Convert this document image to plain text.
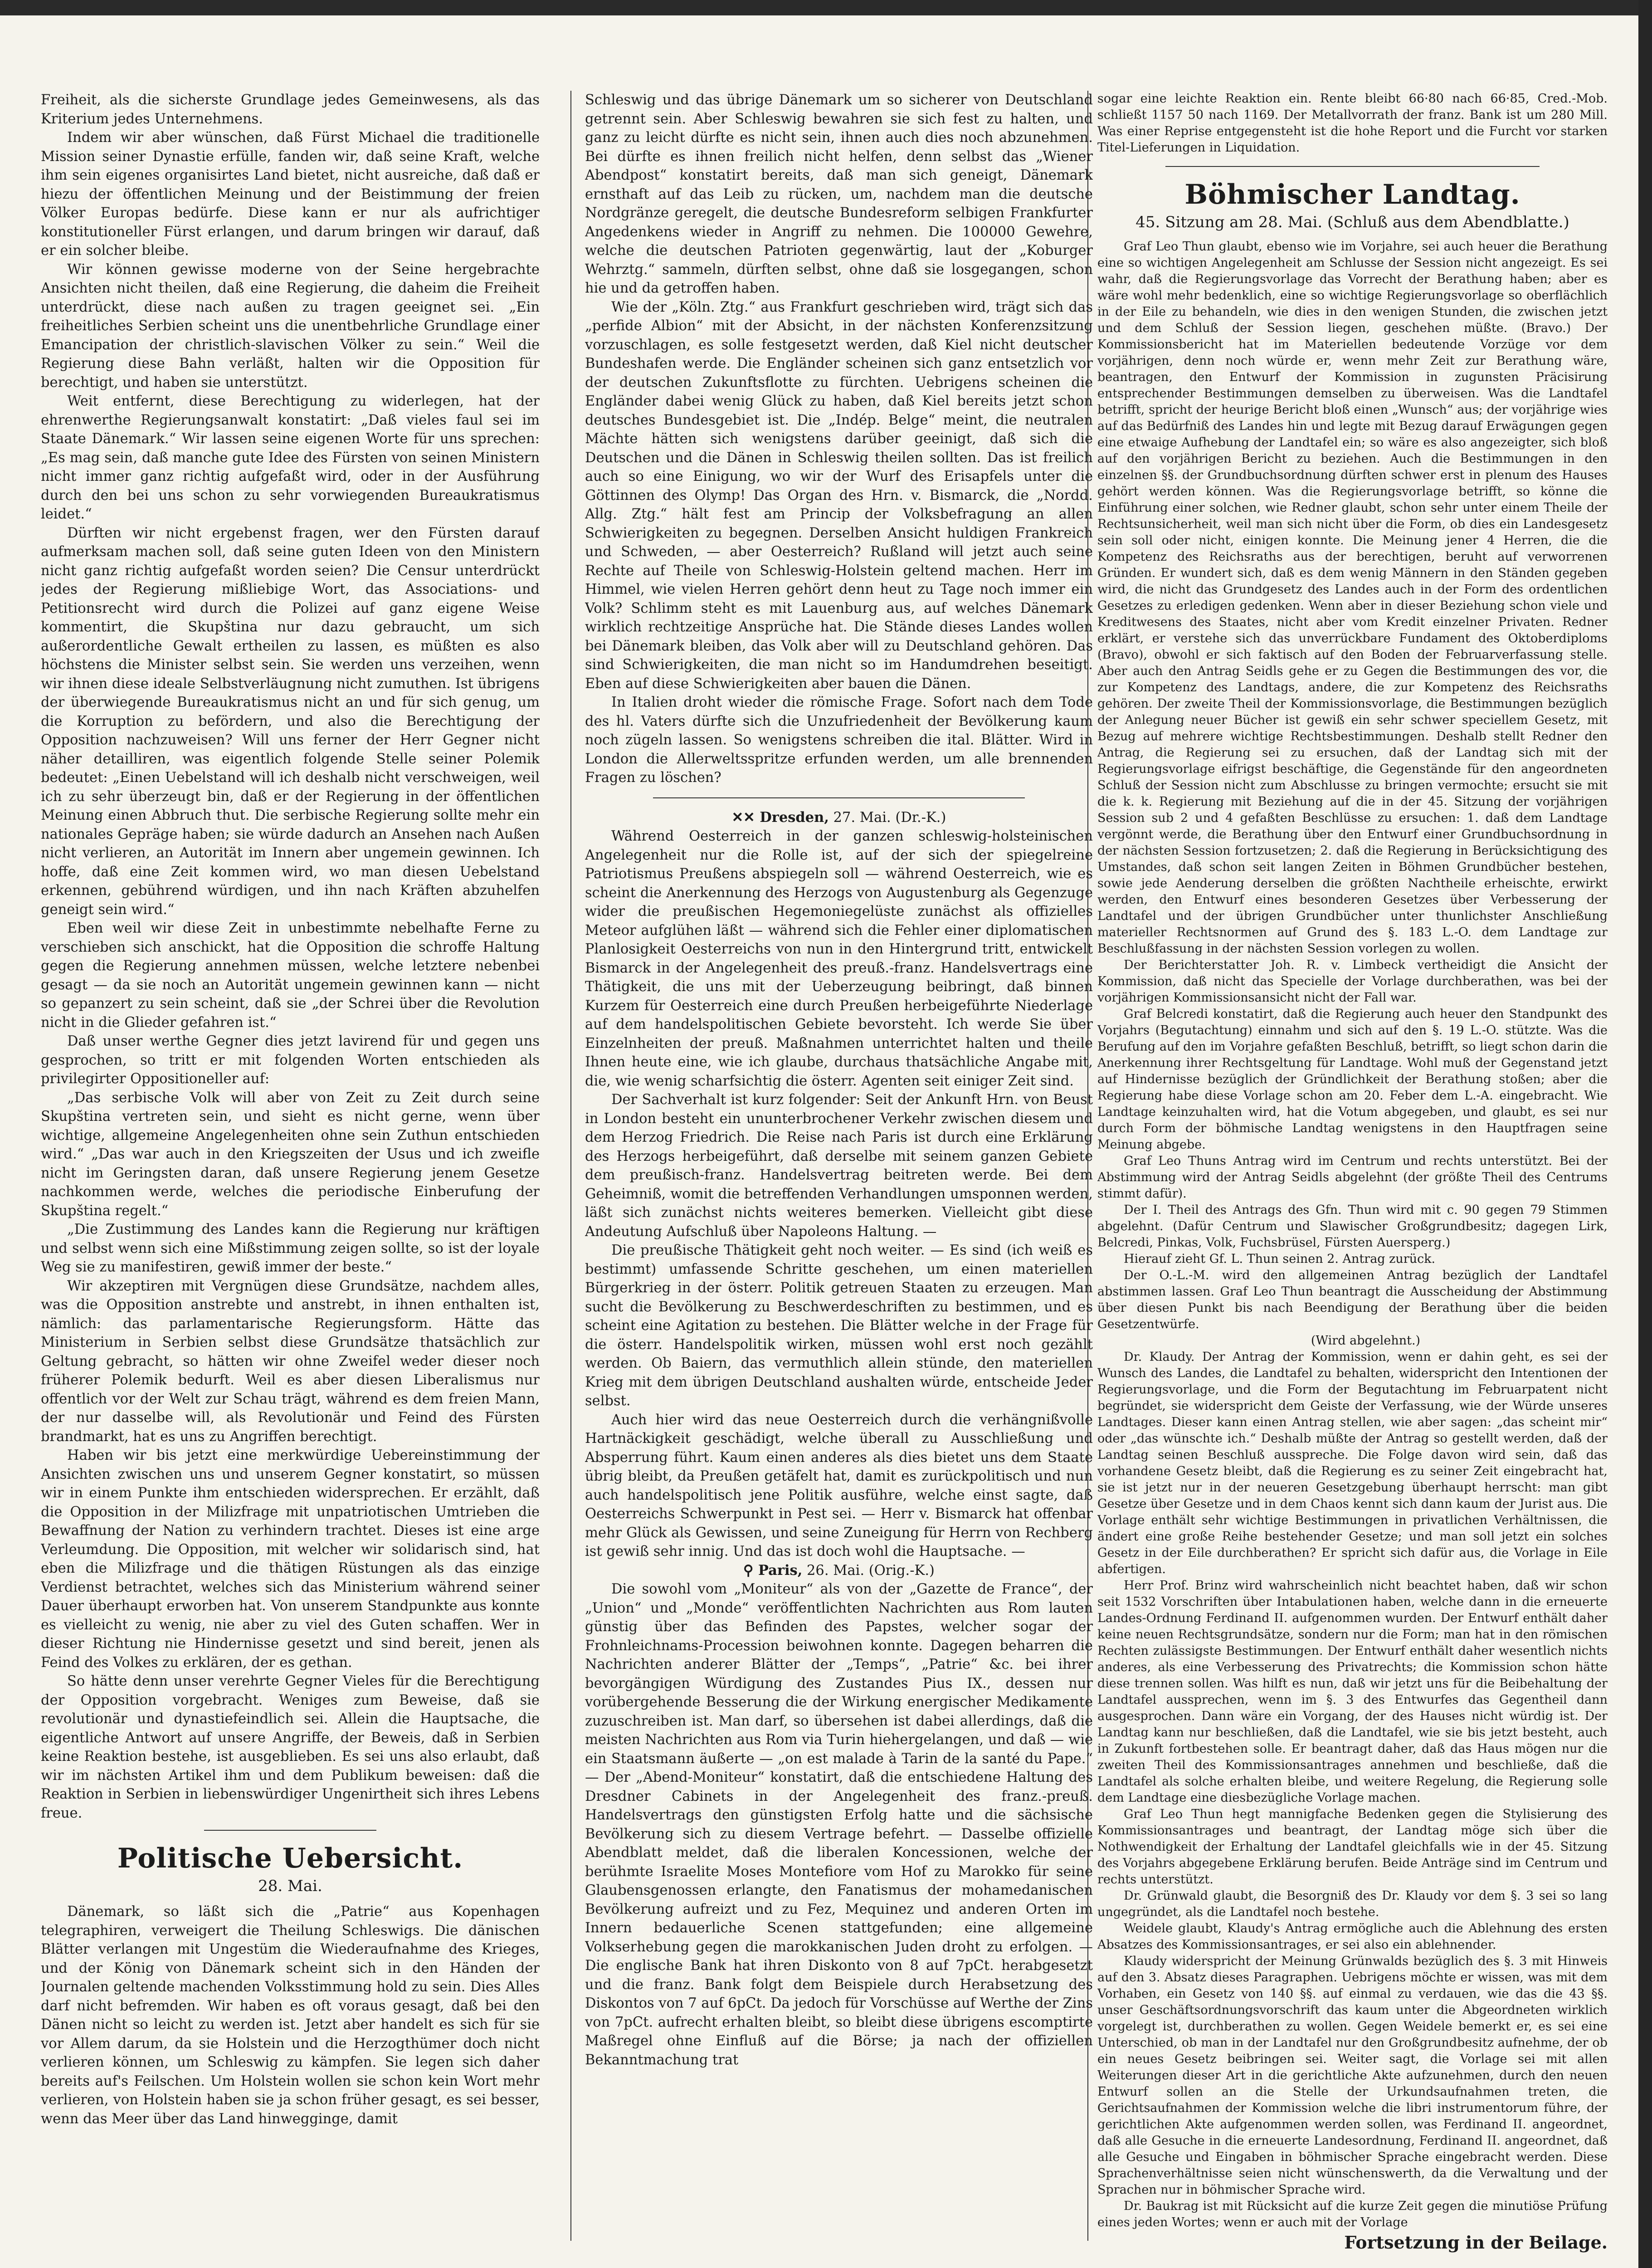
Freiheit, als die sicherste Grundlage jedes Gemeinwesens, als das Kriterium jedes Unternehmens.

Indem wir aber wünschen, daß Fürst Michael die traditionelle Mission seiner Dynastie erfülle, fanden wir, daß seine Kraft, welche ihm sein eigenes organisirtes Land bietet, nicht ausreiche, daß daß er hiezu der öffentlichen Meinung und der Beistimmung der freien Völker Europas bedürfe. Diese kann er nur als aufrichtiger konstitutioneller Fürst erlangen, und darum bringen wir darauf, daß er ein solcher bleibe.

Wir können gewisse moderne von der Seine hergebrachte Ansichten nicht theilen, daß eine Regierung, die daheim die Freiheit unterdrückt, diese nach außen zu tragen geeignet sei. „Ein freiheitliches Serbien scheint uns die unentbehrliche Grundlage einer Emancipation der christlich-slavischen Völker zu sein.“ Weil die Regierung diese Bahn verläßt, halten wir die Opposition für berechtigt, und haben sie unterstützt.

Weit entfernt, diese Berechtigung zu widerlegen, hat der ehrenwerthe Regierungsanwalt konstatirt: „Daß vieles faul sei im Staate Dänemark.“ Wir lassen seine eigenen Worte für uns sprechen: „Es mag sein, daß manche gute Idee des Fürsten von seinen Ministern nicht immer ganz richtig aufgefaßt wird, oder in der Ausführung durch den bei uns schon zu sehr vorwiegenden Bureaukratismus leidet.“

Dürften wir nicht ergebenst fragen, wer den Fürsten darauf aufmerksam machen soll, daß seine guten Ideen von den Ministern nicht ganz richtig aufgefaßt worden seien? Die Censur unterdrückt jedes der Regierung mißliebige Wort, das Associations- und Petitionsrecht wird durch die Polizei auf ganz eigene Weise kommentirt, die Skupština nur dazu gebraucht, um sich außerordentliche Gewalt ertheilen zu lassen, es müßten es also höchstens die Minister selbst sein. Sie werden uns verzeihen, wenn wir ihnen diese ideale Selbstverläugnung nicht zumuthen. Ist übrigens der überwiegende Bureaukratismus nicht an und für sich genug, um die Korruption zu befördern, und also die Berechtigung der Opposition nachzuweisen? Will uns ferner der Herr Gegner nicht näher detailliren, was eigentlich folgende Stelle seiner Polemik bedeutet: „Einen Uebelstand will ich deshalb nicht verschweigen, weil ich zu sehr überzeugt bin, daß er der Regierung in der öffentlichen Meinung einen Abbruch thut. Die serbische Regierung sollte mehr ein nationales Gepräge haben; sie würde dadurch an Ansehen nach Außen nicht verlieren, an Autorität im Innern aber ungemein gewinnen. Ich hoffe, daß eine Zeit kommen wird, wo man diesen Uebelstand erkennen, gebührend würdigen, und ihn nach Kräften abzuhelfen geneigt sein wird.“

Eben weil wir diese Zeit in unbestimmte nebelhafte Ferne zu verschieben sich anschickt, hat die Opposition die schroffe Haltung gegen die Regierung annehmen müssen, welche letztere nebenbei gesagt — da sie noch an Autorität ungemein gewinnen kann — nicht so gepanzert zu sein scheint, daß sie „der Schrei über die Revolution nicht in die Glieder gefahren ist.“

Daß unser werthe Gegner dies jetzt lavirend für und gegen uns gesprochen, so tritt er mit folgenden Worten entschieden als privilegirter Oppositioneller auf:

„Das serbische Volk will aber von Zeit zu Zeit durch seine Skupština vertreten sein, und sieht es nicht gerne, wenn über wichtige, allgemeine Angelegenheiten ohne sein Zuthun entschieden wird.“ „Das war auch in den Kriegszeiten der Usus und ich zweifle nicht im Geringsten daran, daß unsere Regierung jenem Gesetze nachkommen werde, welches die periodische Einberufung der Skupština regelt.“

„Die Zustimmung des Landes kann die Regierung nur kräftigen und selbst wenn sich eine Mißstimmung zeigen sollte, so ist der loyale Weg sie zu manifestiren, gewiß immer der beste.“

Wir akzeptiren mit Vergnügen diese Grundsätze, nachdem alles, was die Opposition anstrebte und anstrebt, in ihnen enthalten ist, nämlich: das parlamentarische Regierungsform. Hätte das Ministerium in Serbien selbst diese Grundsätze thatsächlich zur Geltung gebracht, so hätten wir ohne Zweifel weder dieser noch früherer Polemik bedurft. Weil es aber diesen Liberalismus nur offentlich vor der Welt zur Schau trägt, während es dem freien Mann, der nur dasselbe will, als Revolutionär und Feind des Fürsten brandmarkt, hat es uns zu Angriffen berechtigt.

Haben wir bis jetzt eine merkwürdige Uebereinstimmung der Ansichten zwischen uns und unserem Gegner konstatirt, so müssen wir in einem Punkte ihm entschieden widersprechen. Er erzählt, daß die Opposition in der Milizfrage mit unpatriotischen Umtrieben die Bewaffnung der Nation zu verhindern trachtet. Dieses ist eine arge Verleumdung. Die Opposition, mit welcher wir solidarisch sind, hat eben die Milizfrage und die thätigen Rüstungen als das einzige Verdienst betrachtet, welches sich das Ministerium während seiner Dauer überhaupt erworben hat. Von unserem Standpunkte aus konnte es vielleicht zu wenig, nie aber zu viel des Guten schaffen. Wer in dieser Richtung nie Hindernisse gesetzt und sind bereit, jenen als Feind des Volkes zu erklären, der es gethan.

So hätte denn unser verehrte Gegner Vieles für die Berechtigung der Opposition vorgebracht. Weniges zum Beweise, daß sie revolutionär und dynastiefeindlich sei. Allein die Hauptsache, die eigentliche Antwort auf unsere Angriffe, der Beweis, daß in Serbien keine Reaktion bestehe, ist ausgeblieben. Es sei uns also erlaubt, daß wir im nächsten Artikel ihm und dem Publikum beweisen: daß die Reaktion in Serbien in liebenswürdiger Ungenirtheit sich ihres Lebens freue.

Politische Uebersicht.
28. Mai.

Dänemark, so läßt sich die „Patrie“ aus Kopenhagen telegraphiren, verweigert die Theilung Schleswigs. Die dänischen Blätter verlangen mit Ungestüm die Wiederaufnahme des Krieges, und der König von Dänemark scheint sich in den Händen der Journalen geltende machenden Volksstimmung hold zu sein. Dies Alles darf nicht befremden. Wir haben es oft voraus gesagt, daß bei den Dänen nicht so leicht zu werden ist. Jetzt aber handelt es sich für sie vor Allem darum, da sie Holstein und die Herzogthümer doch nicht verlieren können, um Schleswig zu kämpfen. Sie legen sich daher bereits auf's Feilschen. Um Holstein wollen sie schon kein Wort mehr verlieren, von Holstein haben sie ja schon früher gesagt, es sei besser, wenn das Meer über das Land hinwegginge, damit

Schleswig und das übrige Dänemark um so sicherer von Deutschland getrennt sein. Aber Schleswig bewahren sie sich fest zu halten, und ganz zu leicht dürfte es nicht sein, ihnen auch dies noch abzunehmen. Bei dürfte es ihnen freilich nicht helfen, denn selbst das „Wiener Abendpost“ konstatirt bereits, daß man sich geneigt, Dänemark ernsthaft auf das Leib zu rücken, um, nachdem man die deutsche Nordgränze geregelt, die deutsche Bundesreform selbigen Frankfurter Angedenkens wieder in Angriff zu nehmen. Die 100000 Gewehre, welche die deutschen Patrioten gegenwärtig, laut der „Koburger Wehrztg.“ sammeln, dürften selbst, ohne daß sie losgegangen, schon hie und da getroffen haben.

Wie der „Köln. Ztg.“ aus Frankfurt geschrieben wird, trägt sich das „perfide Albion“ mit der Absicht, in der nächsten Konferenzsitzung vorzuschlagen, es solle festgesetzt werden, daß Kiel nicht deutscher Bundeshafen werde. Die Engländer scheinen sich ganz entsetzlich vor der deutschen Zukunftsflotte zu fürchten. Uebrigens scheinen die Engländer dabei wenig Glück zu haben, daß Kiel bereits jetzt schon deutsches Bundesgebiet ist. Die „Indép. Belge“ meint, die neutralen Mächte hätten sich wenigstens darüber geeinigt, daß sich die Deutschen und die Dänen in Schleswig theilen sollten. Das ist freilich auch so eine Einigung, wo wir der Wurf des Erisapfels unter die Göttinnen des Olymp! Das Organ des Hrn. v. Bismarck, die „Nordd. Allg. Ztg.“ hält fest am Princip der Volksbefragung an allen Schwierigkeiten zu begegnen. Derselben Ansicht huldigen Frankreich und Schweden, — aber Oesterreich? Rußland will jetzt auch seine Rechte auf Theile von Schleswig-Holstein geltend machen. Herr im Himmel, wie vielen Herren gehört denn heut zu Tage noch immer ein Volk? Schlimm steht es mit Lauenburg aus, auf welches Dänemark wirklich rechtzeitige Ansprüche hat. Die Stände dieses Landes wollen bei Dänemark bleiben, das Volk aber will zu Deutschland gehören. Das sind Schwierigkeiten, die man nicht so im Handumdrehen beseitigt. Eben auf diese Schwierigkeiten aber bauen die Dänen.

In Italien droht wieder die römische Frage. Sofort nach dem Tode des hl. Vaters dürfte sich die Unzufriedenheit der Bevölkerung kaum noch zügeln lassen. So wenigstens schreiben die ital. Blätter. Wird in London die Allerweltsspritze erfunden werden, um alle brennenden Fragen zu löschen?

✕✕ Dresden, 27. Mai. (Dr.-K.)

Während Oesterreich in der ganzen schleswig-holsteinischen Angelegenheit nur die Rolle ist, auf der sich der spiegelreine Patriotismus Preußens abspiegeln soll — während Oesterreich, wie es scheint die Anerkennung des Herzogs von Augustenburg als Gegenzuge wider die preußischen Hegemoniegelüste zunächst als offizielles Meteor aufglühen läßt — während sich die Fehler einer diplomatischen Planlosigkeit Oesterreichs von nun in den Hintergrund tritt, entwickelt Bismarck in der Angelegenheit des preuß.-franz. Handelsvertrags eine Thätigkeit, die uns mit der Ueberzeugung beibringt, daß binnen Kurzem für Oesterreich eine durch Preußen herbeigeführte Niederlage auf dem handelspolitischen Gebiete bevorsteht. Ich werde Sie über Einzelnheiten der preuß. Maßnahmen unterrichtet halten und theile Ihnen heute eine, wie ich glaube, durchaus thatsächliche Angabe mit, die, wie wenig scharfsichtig die österr. Agenten seit einiger Zeit sind.

Der Sachverhalt ist kurz folgender: Seit der Ankunft Hrn. von Beust in London besteht ein ununterbrochener Verkehr zwischen diesem und dem Herzog Friedrich. Die Reise nach Paris ist durch eine Erklärung des Herzogs herbeigeführt, daß derselbe mit seinem ganzen Gebiete dem preußisch-franz. Handelsvertrag beitreten werde. Bei dem Geheimniß, womit die betreffenden Verhandlungen umsponnen werden, läßt sich zunächst nichts weiteres bemerken. Vielleicht gibt diese Andeutung Aufschluß über Napoleons Haltung. —

Die preußische Thätigkeit geht noch weiter. — Es sind (ich weiß es bestimmt) umfassende Schritte geschehen, um einen materiellen Bürgerkrieg in der österr. Politik getreuen Staaten zu erzeugen. Man sucht die Bevölkerung zu Beschwerdeschriften zu bestimmen, und es scheint eine Agitation zu bestehen. Die Blätter welche in der Frage für die österr. Handelspolitik wirken, müssen wohl erst noch gezählt werden. Ob Baiern, das vermuthlich allein stünde, den materiellen Krieg mit dem übrigen Deutschland aushalten würde, entscheide Jeder selbst.

Auch hier wird das neue Oesterreich durch die verhängnißvolle Hartnäckigkeit geschädigt, welche überall zu Ausschließung und Absperrung führt. Kaum einen anderes als dies bietet uns dem Staate übrig bleibt, da Preußen getäfelt hat, damit es zurückpolitisch und nun auch handelspolitisch jene Politik ausführe, welche einst sagte, daß Oesterreichs Schwerpunkt in Pest sei. — Herr v. Bismarck hat offenbar mehr Glück als Gewissen, und seine Zuneigung für Herrn von Rechberg ist gewiß sehr innig. Und das ist doch wohl die Hauptsache. —

⚲ Paris, 26. Mai. (Orig.-K.)

Die sowohl vom „Moniteur“ als von der „Gazette de France“, der „Union“ und „Monde“ veröffentlichten Nachrichten aus Rom lauten günstig über das Befinden des Papstes, welcher sogar der Frohnleichnams-Procession beiwohnen konnte. Dagegen beharren die Nachrichten anderer Blätter der „Temps“, „Patrie“ &c. bei ihrer bevorgängigen Würdigung des Zustandes Pius IX., dessen nur vorübergehende Besserung die der Wirkung energischer Medikamente zuzuschreiben ist. Man darf, so übersehen ist dabei allerdings, daß die meisten Nachrichten aus Rom via Turin hiehergelangen, und daß — wie ein Staatsmann äußerte — „on est malade à Tarin de la santé du Pape.“ — Der „Abend-Moniteur“ konstatirt, daß die entschiedene Haltung des Dresdner Cabinets in der Angelegenheit des franz.-preuß. Handelsvertrags den günstigsten Erfolg hatte und die sächsische Bevölkerung sich zu diesem Vertrage befehrt. — Dasselbe offizielle Abendblatt meldet, daß die liberalen Koncessionen, welche der berühmte Israelite Moses Montefiore vom Hof zu Marokko für seine Glaubensgenossen erlangte, den Fanatismus der mohamedanischen Bevölkerung aufreizt und zu Fez, Mequinez und anderen Orten im Innern bedauerliche Scenen stattgefunden; eine allgemeine Volkserhebung gegen die marokkanischen Juden droht zu erfolgen. — Die englische Bank hat ihren Diskonto von 8 auf 7pCt. herabgesetzt und die franz. Bank folgt dem Beispiele durch Herabsetzung des Diskontos von 7 auf 6pCt. Da jedoch für Vorschüsse auf Werthe der Zins von 7pCt. aufrecht erhalten bleibt, so bleibt diese übrigens escomptirte Maßregel ohne Einfluß auf die Börse; ja nach der offiziellen Bekanntmachung trat

sogar eine leichte Reaktion ein. Rente bleibt 66·80 nach 66·85, Cred.-Mob. schließt 1157 50 nach 1169. Der Metallvorrath der franz. Bank ist um 280 Mill. Was einer Reprise entgegensteht ist die hohe Report und die Furcht vor starken Titel-Lieferungen in Liquidation.

Böhmischer Landtag.
45. Sitzung am 28. Mai. (Schluß aus dem Abendblatte.)

Graf Leo Thun glaubt, ebenso wie im Vorjahre, sei auch heuer die Berathung eine so wichtigen Angelegenheit am Schlusse der Session nicht angezeigt. Es sei wahr, daß die Regierungsvorlage das Vorrecht der Berathung haben; aber es wäre wohl mehr bedenklich, eine so wichtige Regierungsvorlage so oberflächlich in der Eile zu behandeln, wie dies in den wenigen Stunden, die zwischen jetzt und dem Schluß der Session liegen, geschehen müßte. (Bravo.) Der Kommissionsbericht hat im Materiellen bedeutende Vorzüge vor dem vorjährigen, denn noch würde er, wenn mehr Zeit zur Berathung wäre, beantragen, den Entwurf der Kommission in zugunsten Präcisirung entsprechender Bestimmungen demselben zu überweisen. Was die Landtafel betrifft, spricht der heurige Bericht bloß einen „Wunsch“ aus; der vorjährige wies auf das Bedürfniß des Landes hin und legte mit Bezug darauf Erwägungen gegen eine etwaige Aufhebung der Landtafel ein; so wäre es also angezeigter, sich bloß auf den vorjährigen Bericht zu beziehen. Auch die Bestimmungen in den einzelnen §§. der Grundbuchsordnung dürften schwer erst in plenum des Hauses gehört werden können. Was die Regierungsvorlage betrifft, so könne die Einführung einer solchen, wie Redner glaubt, schon sehr unter einem Theile der Rechtsunsicherheit, weil man sich nicht über die Form, ob dies ein Landesgesetz sein soll oder nicht, einigen konnte. Die Meinung jener 4 Herren, die die Kompetenz des Reichsraths aus der berechtigen, beruht auf verworrenen Gründen. Er wundert sich, daß es dem wenig Männern in den Ständen gegeben wird, die nicht das Grundgesetz des Landes auch in der Form des ordentlichen Gesetzes zu erledigen gedenken. Wenn aber in dieser Beziehung schon viele und Kreditwesens des Staates, nicht aber vom Kredit einzelner Privaten. Redner erklärt, er verstehe sich das unverrückbare Fundament des Oktoberdiploms (Bravo), obwohl er sich faktisch auf den Boden der Februarverfassung stelle. Aber auch den Antrag Seidls gehe er zu Gegen die Bestimmungen des vor, die zur Kompetenz des Landtags, andere, die zur Kompetenz des Reichsraths gehören. Der zweite Theil der Kommissionsvorlage, die Bestimmungen bezüglich der Anlegung neuer Bücher ist gewiß ein sehr schwer speciellem Gesetz, mit Bezug auf mehrere wichtige Rechtsbestimmungen. Deshalb stellt Redner den Antrag, die Regierung sei zu ersuchen, daß der Landtag sich mit der Regierungsvorlage eifrigst beschäftige, die Gegenstände für den angeordneten Schluß der Session nicht zum Abschlusse zu bringen vermochte; ersucht sie mit die k. k. Regierung mit Beziehung auf die in der 45. Sitzung der vorjährigen Session sub 2 und 4 gefaßten Beschlüsse zu ersuchen: 1. daß dem Landtage vergönnt werde, die Berathung über den Entwurf einer Grundbuchsordnung in der nächsten Session fortzusetzen; 2. daß die Regierung in Berücksichtigung des Umstandes, daß schon seit langen Zeiten in Böhmen Grundbücher bestehen, sowie jede Aenderung derselben die größten Nachtheile erheischte, erwirkt werden, den Entwurf eines besonderen Gesetzes über Verbesserung der Landtafel und der übrigen Grundbücher unter thunlichster Anschließung materieller Rechtsnormen auf Grund des §. 183 L.-O. dem Landtage zur Beschlußfassung in der nächsten Session vorlegen zu wollen.

Der Berichterstatter Joh. R. v. Limbeck vertheidigt die Ansicht der Kommission, daß nicht das Specielle der Vorlage durchberathen, was bei der vorjährigen Kommissionsansicht nicht der Fall war.

Graf Belcredi konstatirt, daß die Regierung auch heuer den Standpunkt des Vorjahrs (Begutachtung) einnahm und sich auf den §. 19 L.-O. stützte. Was die Berufung auf den im Vorjahre gefaßten Beschluß, betrifft, so liegt schon darin die Anerkennung ihrer Rechtsgeltung für Landtage. Wohl muß der Gegenstand jetzt auf Hindernisse bezüglich der Gründlichkeit der Berathung stoßen; aber die Regierung habe diese Vorlage schon am 20. Feber dem L.-A. eingebracht. Wie Landtage keinzuhalten wird, hat die Votum abgegeben, und glaubt, es sei nur durch Form der böhmische Landtag wenigstens in den Hauptfragen seine Meinung abgebe.

Graf Leo Thuns Antrag wird im Centrum und rechts unterstützt. Bei der Abstimmung wird der Antrag Seidls abgelehnt (der größte Theil des Centrums stimmt dafür).

Der I. Theil des Antrags des Gfn. Thun wird mit c. 90 gegen 79 Stimmen abgelehnt. (Dafür Centrum und Slawischer Großgrundbesitz; dagegen Lirk, Belcredi, Pinkas, Volk, Fuchsbrüsel, Fürsten Auersperg.)

Hierauf zieht Gf. L. Thun seinen 2. Antrag zurück.

Der O.-L.-M. wird den allgemeinen Antrag bezüglich der Landtafel abstimmen lassen. Graf Leo Thun beantragt die Ausscheidung der Abstimmung über diesen Punkt bis nach Beendigung der Berathung über die beiden Gesetzentwürfe.

(Wird abgelehnt.)

Dr. Klaudy. Der Antrag der Kommission, wenn er dahin geht, es sei der Wunsch des Landes, die Landtafel zu behalten, widerspricht den Intentionen der Regierungsvorlage, und die Form der Begutachtung im Februarpatent nicht begründet, sie widerspricht dem Geiste der Verfassung, wie der Würde unseres Landtages. Dieser kann einen Antrag stellen, wie aber sagen: „das scheint mir“ oder „das wünschte ich.“ Deshalb müßte der Antrag so gestellt werden, daß der Landtag seinen Beschluß ausspreche. Die Folge davon wird sein, daß das vorhandene Gesetz bleibt, daß die Regierung es zu seiner Zeit eingebracht hat, sie ist jetzt nur in der neueren Gesetzgebung überhaupt herrscht: man gibt Gesetze über Gesetze und in dem Chaos kennt sich dann kaum der Jurist aus. Die Vorlage enthält sehr wichtige Bestimmungen in privatlichen Verhältnissen, die ändert eine große Reihe bestehender Gesetze; und man soll jetzt ein solches Gesetz in der Eile durchberathen? Er spricht sich dafür aus, die Vorlage in Eile abfertigen.

Herr Prof. Brinz wird wahrscheinlich nicht beachtet haben, daß wir schon seit 1532 Vorschriften über Intabulationen haben, welche dann in die erneuerte Landes-Ordnung Ferdinand II. aufgenommen wurden. Der Entwurf enthält daher keine neuen Rechtsgrundsätze, sondern nur die Form; man hat in den römischen Rechten zulässigste Bestimmungen. Der Entwurf enthält daher wesentlich nichts anderes, als eine Verbesserung des Privatrechts; die Kommission schon hätte diese trennen sollen. Was hilft es nun, daß wir jetzt uns für die Beibehaltung der Landtafel aussprechen, wenn im §. 3 des Entwurfes das Gegentheil dann ausgesprochen. Dann wäre ein Vorgang, der des Hauses nicht würdig ist. Der Landtag kann nur beschließen, daß die Landtafel, wie sie bis jetzt besteht, auch in Zukunft fortbestehen solle. Er beantragt daher, daß das Haus mögen nur die zweiten Theil des Kommissionsantrages annehmen und beschließe, daß die Landtafel als solche erhalten bleibe, und weitere Regelung, die Regierung solle dem Landtage eine diesbezügliche Vorlage machen.

Graf Leo Thun hegt mannigfache Bedenken gegen die Stylisierung des Kommissionsantrages und beantragt, der Landtag möge sich über die Nothwendigkeit der Erhaltung der Landtafel gleichfalls wie in der 45. Sitzung des Vorjahrs abgegebene Erklärung berufen. Beide Anträge sind im Centrum und rechts unterstützt.

Dr. Grünwald glaubt, die Besorgniß des Dr. Klaudy vor dem §. 3 sei so lang ungegründet, als die Landtafel noch bestehe.

Weidele glaubt, Klaudy's Antrag ermögliche auch die Ablehnung des ersten Absatzes des Kommissionsantrages, er sei also ein ablehnender.

Klaudy widerspricht der Meinung Grünwalds bezüglich des §. 3 mit Hinweis auf den 3. Absatz dieses Paragraphen. Uebrigens möchte er wissen, was mit dem Vorhaben, ein Gesetz von 140 §§. auf einmal zu verdauen, wie das die 43 §§. unser Geschäftsordnungsvorschrift das kaum unter die Abgeordneten wirklich vorgelegt ist, durchberathen zu wollen. Gegen Weidele bemerkt er, es sei eine Unterschied, ob man in der Landtafel nur den Großgrundbesitz aufnehme, der ob ein neues Gesetz beibringen sei. Weiter sagt, die Vorlage sei mit allen Weiterungen dieser Art in die gerichtliche Akte aufzunehmen, durch den neuen Entwurf sollen an die Stelle der Urkundsaufnahmen treten, die Gerichtsaufnahmen der Kommission welche die libri instrumentorum führe, der gerichtlichen Akte aufgenommen werden sollen, was Ferdinand II. angeordnet, daß alle Gesuche in die erneuerte Landesordnung, Ferdinand II. angeordnet, daß alle Gesuche und Eingaben in böhmischer Sprache eingebracht werden. Diese Sprachenverhältnisse seien nicht wünschenswerth, da die Verwaltung und der Sprachen nur in böhmischer Sprache wird.

Dr. Baukrag ist mit Rücksicht auf die kurze Zeit gegen die minutiöse Prüfung eines jeden Wortes; wenn er auch mit der Vorlage

Fortsetzung in der Beilage.
